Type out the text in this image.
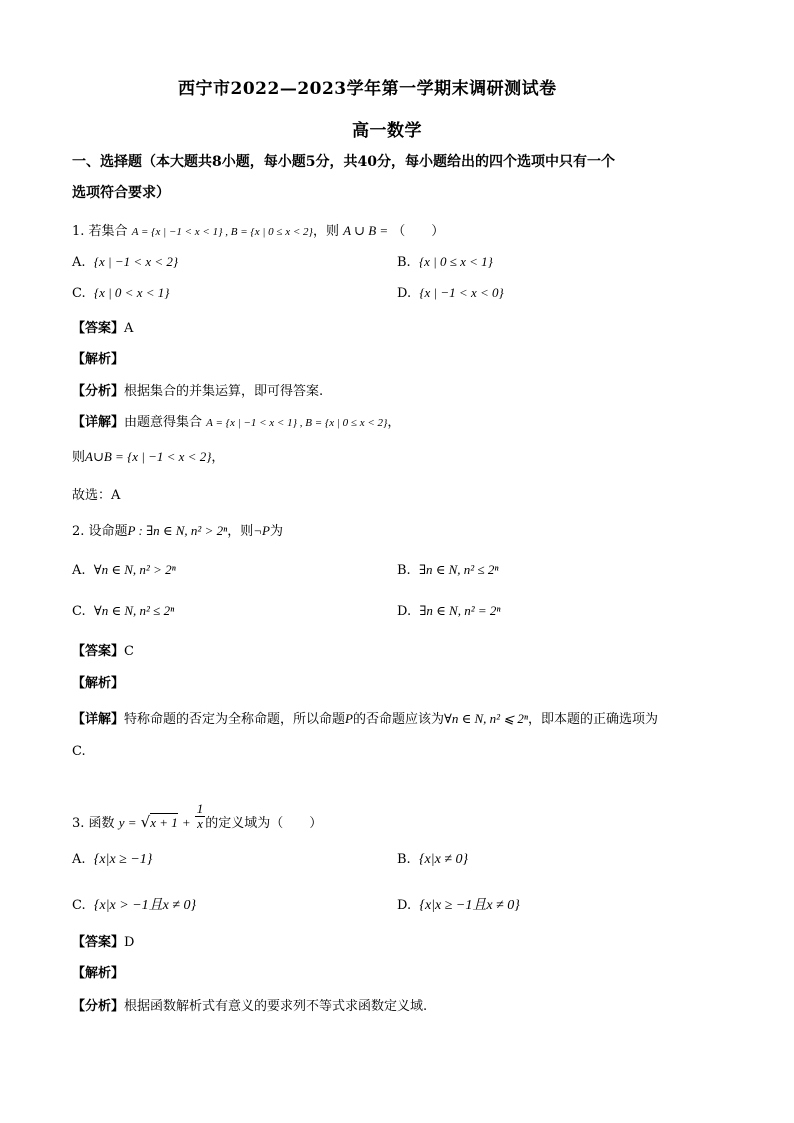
西宁市2022—2023学年第一学期末调研测试卷
高一数学
一、选择题（本大题共8小题，每小题5分，共40分，每小题给出的四个选项中只有一个
选项符合要求）
1. 若集合 A = {x | −1 < x < 1} , B = {x | 0 ≤ x < 2}，则 A ∪ B = （　　）
A. {x | −1 < x < 2}	B. {x | 0 ≤ x < 1}
C. {x | 0 < x < 1}	D. {x | −1 < x < 0}
【答案】A
【解析】
【分析】根据集合的并集运算，即可得答案.
【详解】由题意得集合 A = {x | −1 < x < 1} , B = {x | 0 ≤ x < 2}，
则A∪B = {x | −1 < x < 2}，
故选：A
2. 设命题P : ∃n ∈ N, n² > 2ⁿ，则¬P为
A. ∀n ∈ N, n² > 2ⁿ	B. ∃n ∈ N, n² ≤ 2ⁿ
C. ∀n ∈ N, n² ≤ 2ⁿ	D. ∃n ∈ N, n² = 2ⁿ
【答案】C
【解析】
【详解】特称命题的否定为全称命题，所以命题P的否命题应该为∀n ∈ N, n² ⩽ 2ⁿ，即本题的正确选项为
C.
3. 函数 $y = √x + 1 + \frac{1}{x}$ 的定义域为（　　）
A. {x|x ≥ −1}	B. {x|x ≠ 0}
C. {x|x > −1且x ≠ 0}	D. {x|x ≥ −1且x ≠ 0}
【答案】D
【解析】
【分析】根据函数解析式有意义的要求列不等式求函数定义域.
